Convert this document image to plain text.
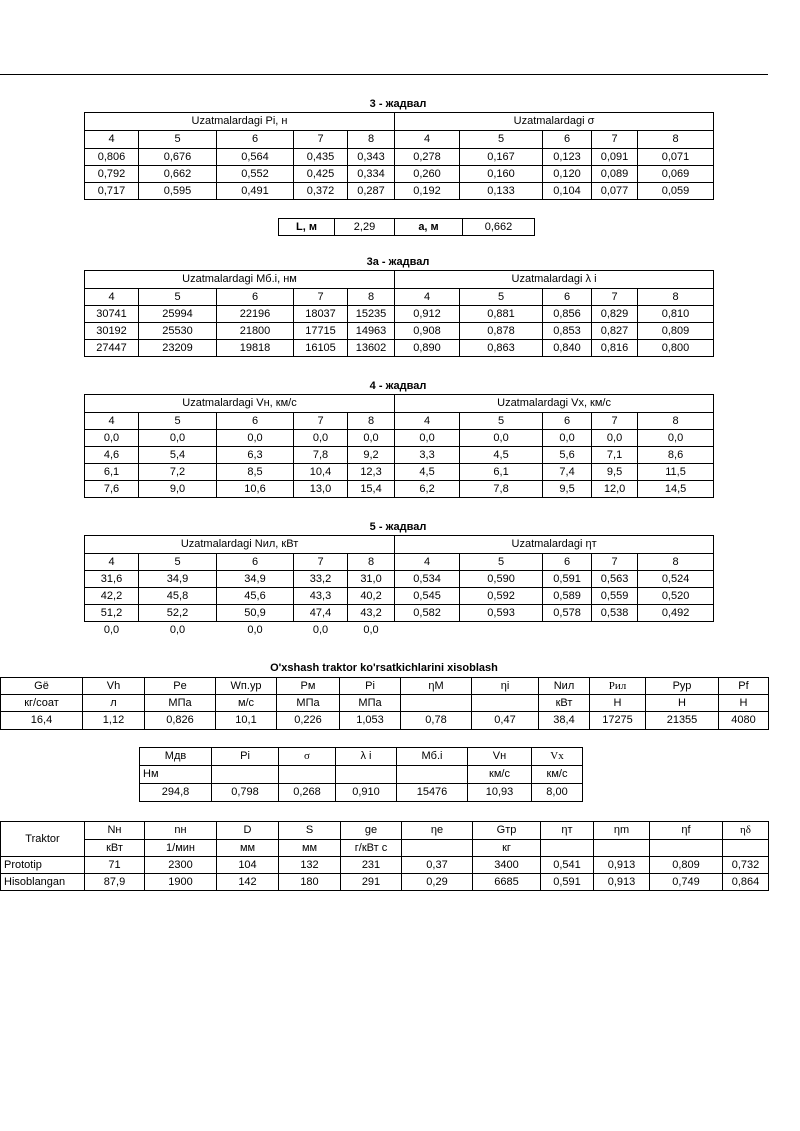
3 - жадвал
Uzatmalardagi Pi, н					Uzatmalardagi σ				
4	5	6	7	8	4	5	6	7	8
0,806	0,676	0,564	0,435	0,343	0,278	0,167	0,123	0,091	0,071
0,792	0,662	0,552	0,425	0,334	0,260	0,160	0,120	0,089	0,069
0,717	0,595	0,491	0,372	0,287	0,192	0,133	0,104	0,077	0,059
L, м	2,29	a, м	0,662
3а - жадвал
Uzatmalardagi Mб.i, нм					Uzatmalardagi λ i				
4	5	6	7	8	4	5	6	7	8
30741	25994	22196	18037	15235	0,912	0,881	0,856	0,829	0,810
30192	25530	21800	17715	14963	0,908	0,878	0,853	0,827	0,809
27447	23209	19818	16105	13602	0,890	0,863	0,840	0,816	0,800
4 - жадвал
Uzatmalardagi Vн, км/с					Uzatmalardagi Vх, км/с				
4	5	6	7	8	4	5	6	7	8
0,0	0,0	0,0	0,0	0,0	0,0	0,0	0,0	0,0	0,0
4,6	5,4	6,3	7,8	9,2	3,3	4,5	5,6	7,1	8,6
6,1	7,2	8,5	10,4	12,3	4,5	6,1	7,4	9,5	11,5
7,6	9,0	10,6	13,0	15,4	6,2	7,8	9,5	12,0	14,5
5 - жадвал
Uzatmalardagi Nил, кВт					Uzatmalardagi ηт				
4	5	6	7	8	4	5	6	7	8
31,6	34,9	34,9	33,2	31,0	0,534	0,590	0,591	0,563	0,524
42,2	45,8	45,6	43,3	40,2	0,545	0,592	0,589	0,559	0,520
51,2	52,2	50,9	47,4	43,2	0,582	0,593	0,578	0,538	0,492
0,0	0,0	0,0	0,0	0,0					
O'xshash traktor ko'rsatkichlarini xisoblash
Gё	Vh	Pe	Wп.ур	Pм	Pi	ηМ	ηi	Nил	Рил	Pур	Pf
кг/соат	л	МПа	м/с	МПа	МПа			кВт	Н	Н	Н
16,4	1,12	0,826	10,1	0,226	1,053	0,78	0,47	38,4	17275	21355	4080
Mдв	Pi	σ	λ i	Mб.i	Vн	Vх
Нм					км/с	км/с
294,8	0,798	0,268	0,910	15476	10,93	8,00
Traktor	Nн	nн	D	S	ge	ηe	Gтр	ηт	ηm	ηf	ηδ
	кВт	1/мин	мм	мм	г/кВт с		кг				
Prototip	71	2300	104	132	231	0,37	3400	0,541	0,913	0,809	0,732
Hisoblangan	87,9	1900	142	180	291	0,29	6685	0,591	0,913	0,749	0,864
